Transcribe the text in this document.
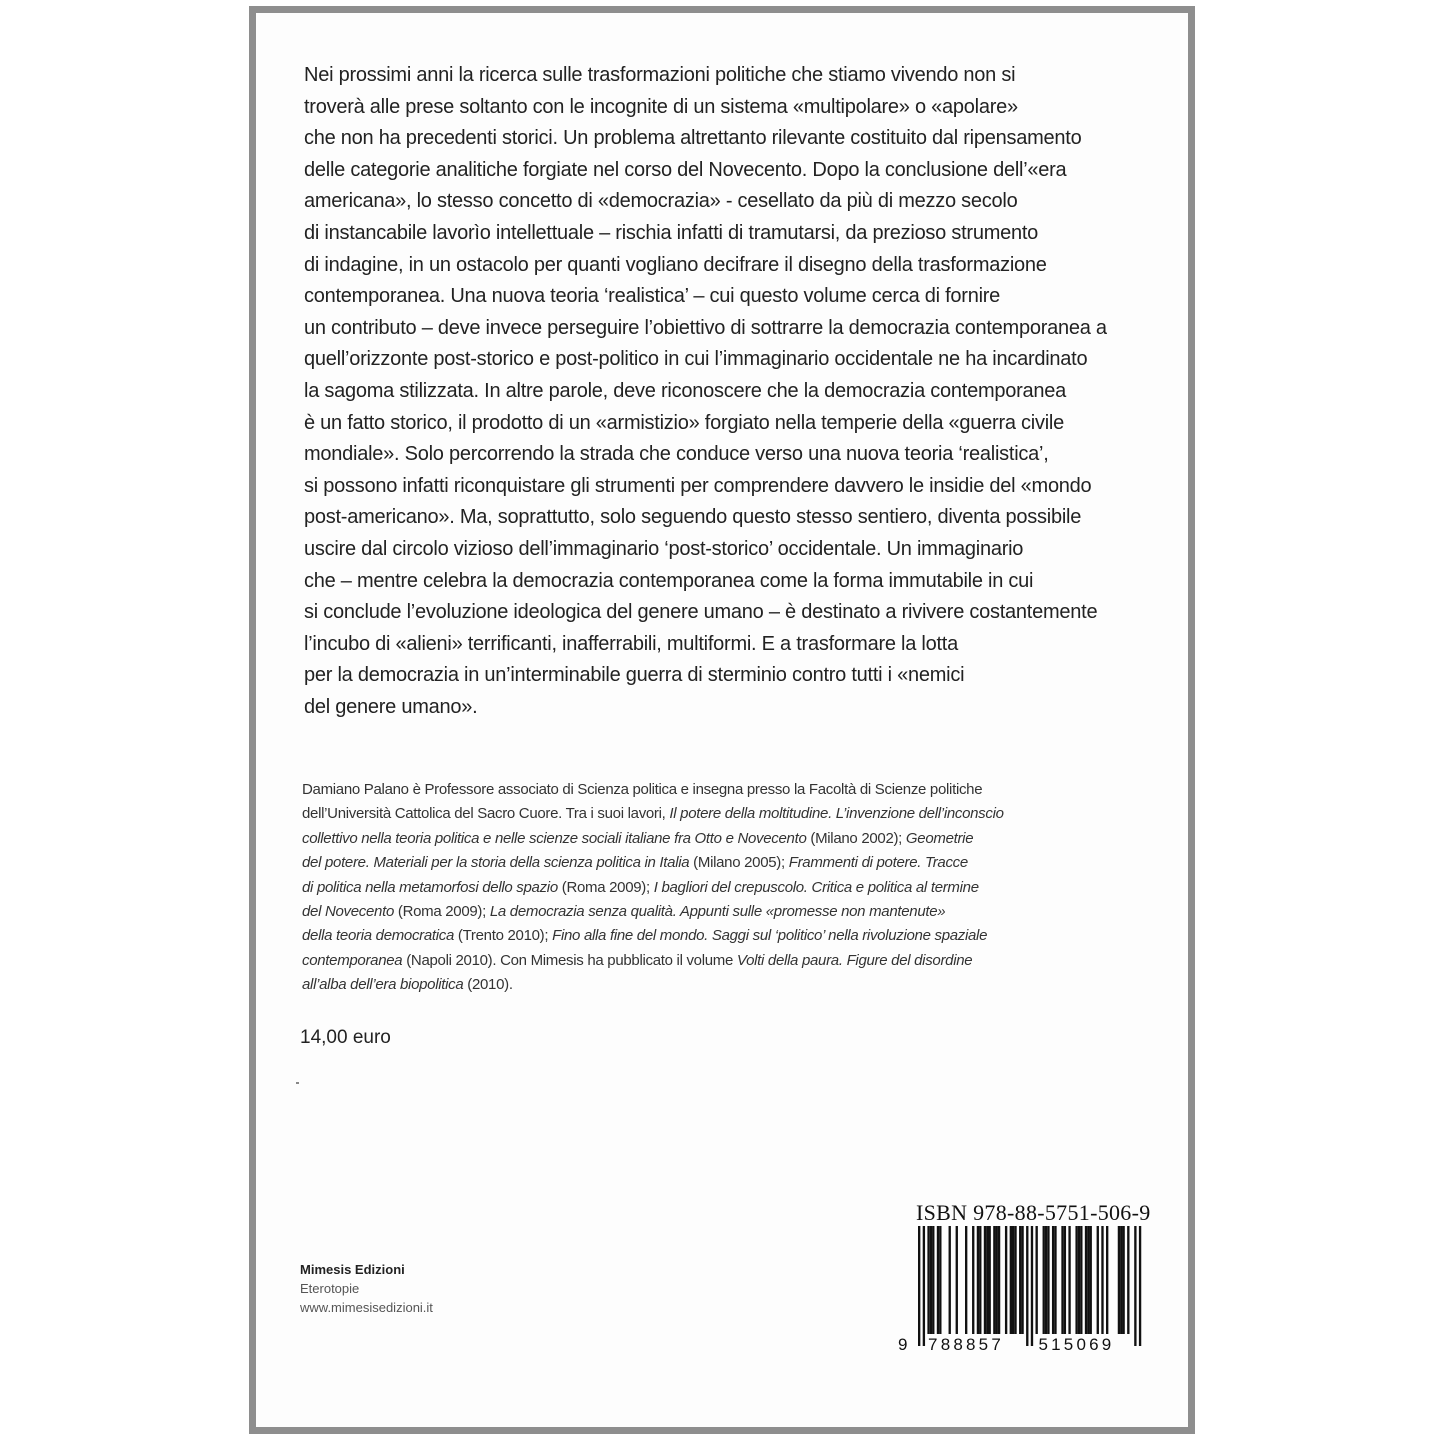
Nei prossimi anni la ricerca sulle trasformazioni politiche che stiamo vivendo non si
troverà alle prese soltanto con le incognite di un sistema «multipolare» o «apolare»
che non ha precedenti storici. Un problema altrettanto rilevante costituito dal ripensamento
delle categorie analitiche forgiate nel corso del Novecento. Dopo la conclusione dell’«era
americana», lo stesso concetto di «democrazia» - cesellato da più di mezzo secolo
di instancabile lavorìo intellettuale – rischia infatti di tramutarsi, da prezioso strumento
di indagine, in un ostacolo per quanti vogliano decifrare il disegno della trasformazione
contemporanea. Una nuova teoria ‘realistica’ – cui questo volume cerca di fornire
un contributo – deve invece perseguire l’obiettivo di sottrarre la democrazia contemporanea a
quell’orizzonte post-storico e post-politico in cui l’immaginario occidentale ne ha incardinato
la sagoma stilizzata. In altre parole, deve riconoscere che la democrazia contemporanea
è un fatto storico, il prodotto di un «armistizio» forgiato nella temperie della «guerra civile
mondiale». Solo percorrendo la strada che conduce verso una nuova teoria ‘realistica’,
si possono infatti riconquistare gli strumenti per comprendere davvero le insidie del «mondo
post-americano». Ma, soprattutto, solo seguendo questo stesso sentiero, diventa possibile
uscire dal circolo vizioso dell’immaginario ‘post-storico’ occidentale. Un immaginario
che – mentre celebra la democrazia contemporanea come la forma immutabile in cui
si conclude l’evoluzione ideologica del genere umano – è destinato a rivivere costantemente
l’incubo di «alieni» terrificanti, inafferrabili, multiformi. E a trasformare la lotta
per la democrazia in un’interminabile guerra di sterminio contro tutti i «nemici
del genere umano».
Damiano Palano è Professore associato di Scienza politica e insegna presso la Facoltà di Scienze politiche
dell’Università Cattolica del Sacro Cuore. Tra i suoi lavori, Il potere della moltitudine. L’invenzione dell’inconscio
collettivo nella teoria politica e nelle scienze sociali italiane fra Otto e Novecento (Milano 2002); Geometrie
del potere. Materiali per la storia della scienza politica in Italia (Milano 2005); Frammenti di potere. Tracce
di politica nella metamorfosi dello spazio (Roma 2009); I bagliori del crepuscolo. Critica e politica al termine
del Novecento (Roma 2009); La democrazia senza qualità. Appunti sulle «promesse non mantenute»
della teoria democratica (Trento 2010); Fino alla fine del mondo. Saggi sul ‘politico’ nella rivoluzione spaziale
contemporanea (Napoli 2010). Con Mimesis ha pubblicato il volume Volti della paura. Figure del disordine
all’alba dell’era biopolitica (2010).
14,00 euro
Mimesis Edizioni
Eterotopie
www.mimesisedizioni.it
ISBN 978-88-5751-506-9
9 788857 515069
